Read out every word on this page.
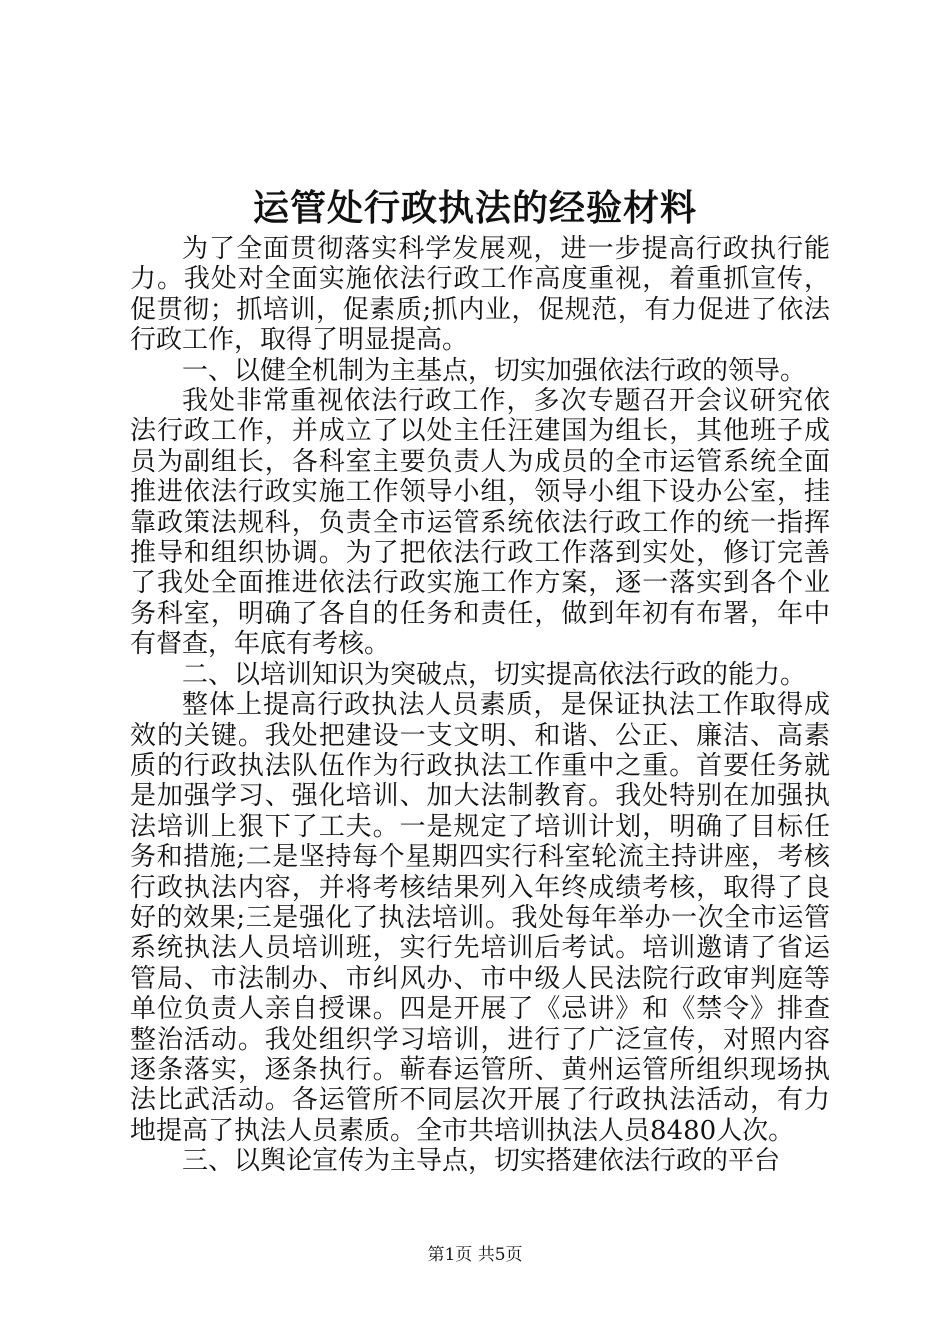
运管处行政执法的经验材料

为了全面贯彻落实科学发展观，进一步提高行政执行能力。我处对全面实施依法行政工作高度重视，着重抓宣传，促贯彻；抓培训，促素质;抓内业，促规范，有力促进了依法行政工作，取得了明显提高。

一、以健全机制为主基点，切实加强依法行政的领导。

我处非常重视依法行政工作，多次专题召开会议研究依法行政工作，并成立了以处主任汪建国为组长，其他班子成员为副组长，各科室主要负责人为成员的全市运管系统全面推进依法行政实施工作领导小组，领导小组下设办公室，挂靠政策法规科，负责全市运管系统依法行政工作的统一指挥推导和组织协调。为了把依法行政工作落到实处，修订完善了我处全面推进依法行政实施工作方案，逐一落实到各个业务科室，明确了各自的任务和责任，做到年初有布署，年中有督查，年底有考核。

二、以培训知识为突破点，切实提高依法行政的能力。

整体上提高行政执法人员素质，是保证执法工作取得成效的关键。我处把建设一支文明、和谐、公正、廉洁、高素质的行政执法队伍作为行政执法工作重中之重。首要任务就是加强学习、强化培训、加大法制教育。我处特别在加强执法培训上狠下了工夫。一是规定了培训计划，明确了目标任务和措施;二是坚持每个星期四实行科室轮流主持讲座，考核行政执法内容，并将考核结果列入年终成绩考核，取得了良好的效果;三是强化了执法培训。我处每年举办一次全市运管系统执法人员培训班，实行先培训后考试。培训邀请了省运管局、市法制办、市纠风办、市中级人民法院行政审判庭等单位负责人亲自授课。四是开展了《忌讲》和《禁令》排查整治活动。我处组织学习培训，进行了广泛宣传，对照内容逐条落实，逐条执行。蕲春运管所、黄州运管所组织现场执法比武活动。各运管所不同层次开展了行政执法活动，有力地提高了执法人员素质。全市共培训执法人员8480人次。

三、以舆论宣传为主导点，切实搭建依法行政的平台

第1页 共5页
